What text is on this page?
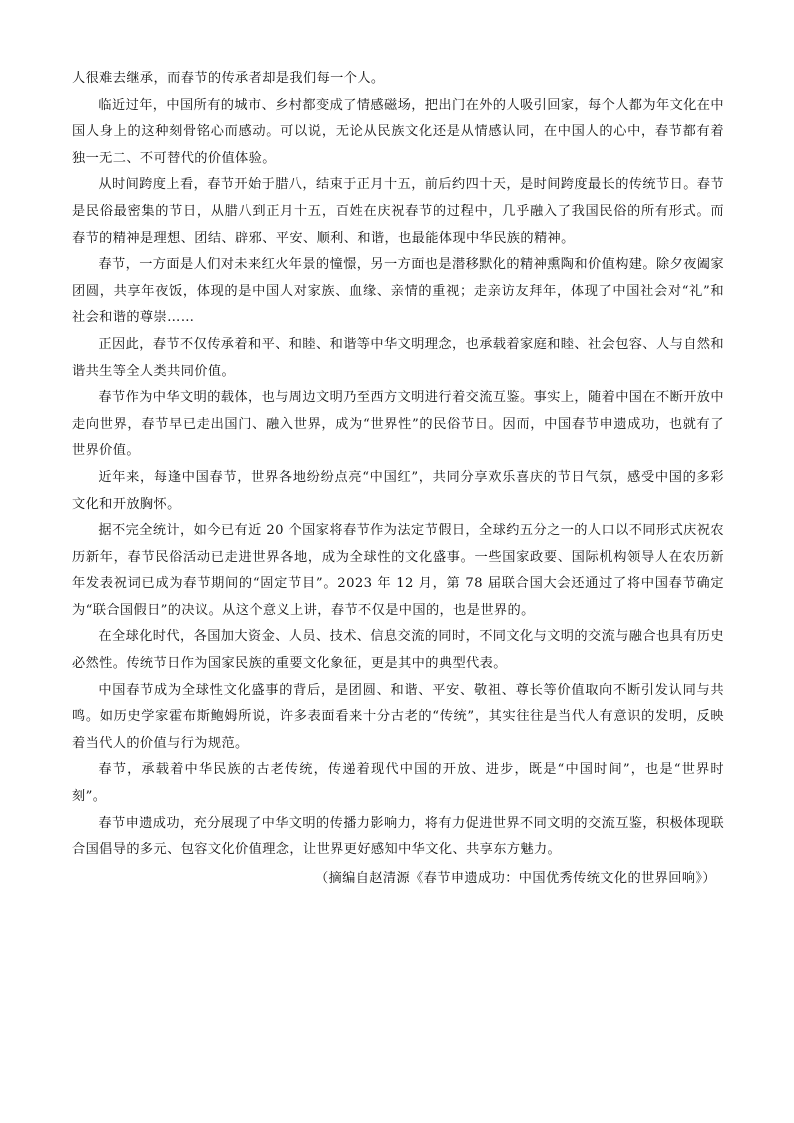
人很难去继承，而春节的传承者却是我们每一个人。

临近过年，中国所有的城市、乡村都变成了情感磁场，把出门在外的人吸引回家，每个人都为年文化在中国人身上的这种刻骨铭心而感动。可以说，无论从民族文化还是从情感认同，在中国人的心中，春节都有着独一无二、不可替代的价值体验。

从时间跨度上看，春节开始于腊八，结束于正月十五，前后约四十天，是时间跨度最长的传统节日。春节是民俗最密集的节日，从腊八到正月十五，百姓在庆祝春节的过程中，几乎融入了我国民俗的所有形式。而春节的精神是理想、团结、辟邪、平安、顺利、和谐，也最能体现中华民族的精神。

春节，一方面是人们对未来红火年景的憧憬，另一方面也是潜移默化的精神熏陶和价值构建。除夕夜阖家团圆，共享年夜饭，体现的是中国人对家族、血缘、亲情的重视；走亲访友拜年，体现了中国社会对“礼”和社会和谐的尊崇……

正因此，春节不仅传承着和平、和睦、和谐等中华文明理念，也承载着家庭和睦、社会包容、人与自然和谐共生等全人类共同价值。

春节作为中华文明的载体，也与周边文明乃至西方文明进行着交流互鉴。事实上，随着中国在不断开放中走向世界，春节早已走出国门、融入世界，成为“世界性”的民俗节日。因而，中国春节申遗成功，也就有了世界价值。

近年来，每逢中国春节，世界各地纷纷点亮“中国红”，共同分享欢乐喜庆的节日气氛，感受中国的多彩文化和开放胸怀。

据不完全统计，如今已有近 20 个国家将春节作为法定节假日，全球约五分之一的人口以不同形式庆祝农历新年，春节民俗活动已走进世界各地，成为全球性的文化盛事。一些国家政要、国际机构领导人在农历新年发表祝词已成为春节期间的“固定节目”。2023 年 12 月，第 78 届联合国大会还通过了将中国春节确定为“联合国假日”的决议。从这个意义上讲，春节不仅是中国的，也是世界的。

在全球化时代，各国加大资金、人员、技术、信息交流的同时，不同文化与文明的交流与融合也具有历史必然性。传统节日作为国家民族的重要文化象征，更是其中的典型代表。

中国春节成为全球性文化盛事的背后，是团圆、和谐、平安、敬祖、尊长等价值取向不断引发认同与共鸣。如历史学家霍布斯鲍姆所说，许多表面看来十分古老的“传统”，其实往往是当代人有意识的发明，反映着当代人的价值与行为规范。

春节，承载着中华民族的古老传统，传递着现代中国的开放、进步，既是“中国时间”，也是“世界时刻”。

春节申遗成功，充分展现了中华文明的传播力影响力，将有力促进世界不同文明的交流互鉴，积极体现联合国倡导的多元、包容文化价值理念，让世界更好感知中华文化、共享东方魅力。

（摘编自赵清源《春节申遗成功：中国优秀传统文化的世界回响》）
